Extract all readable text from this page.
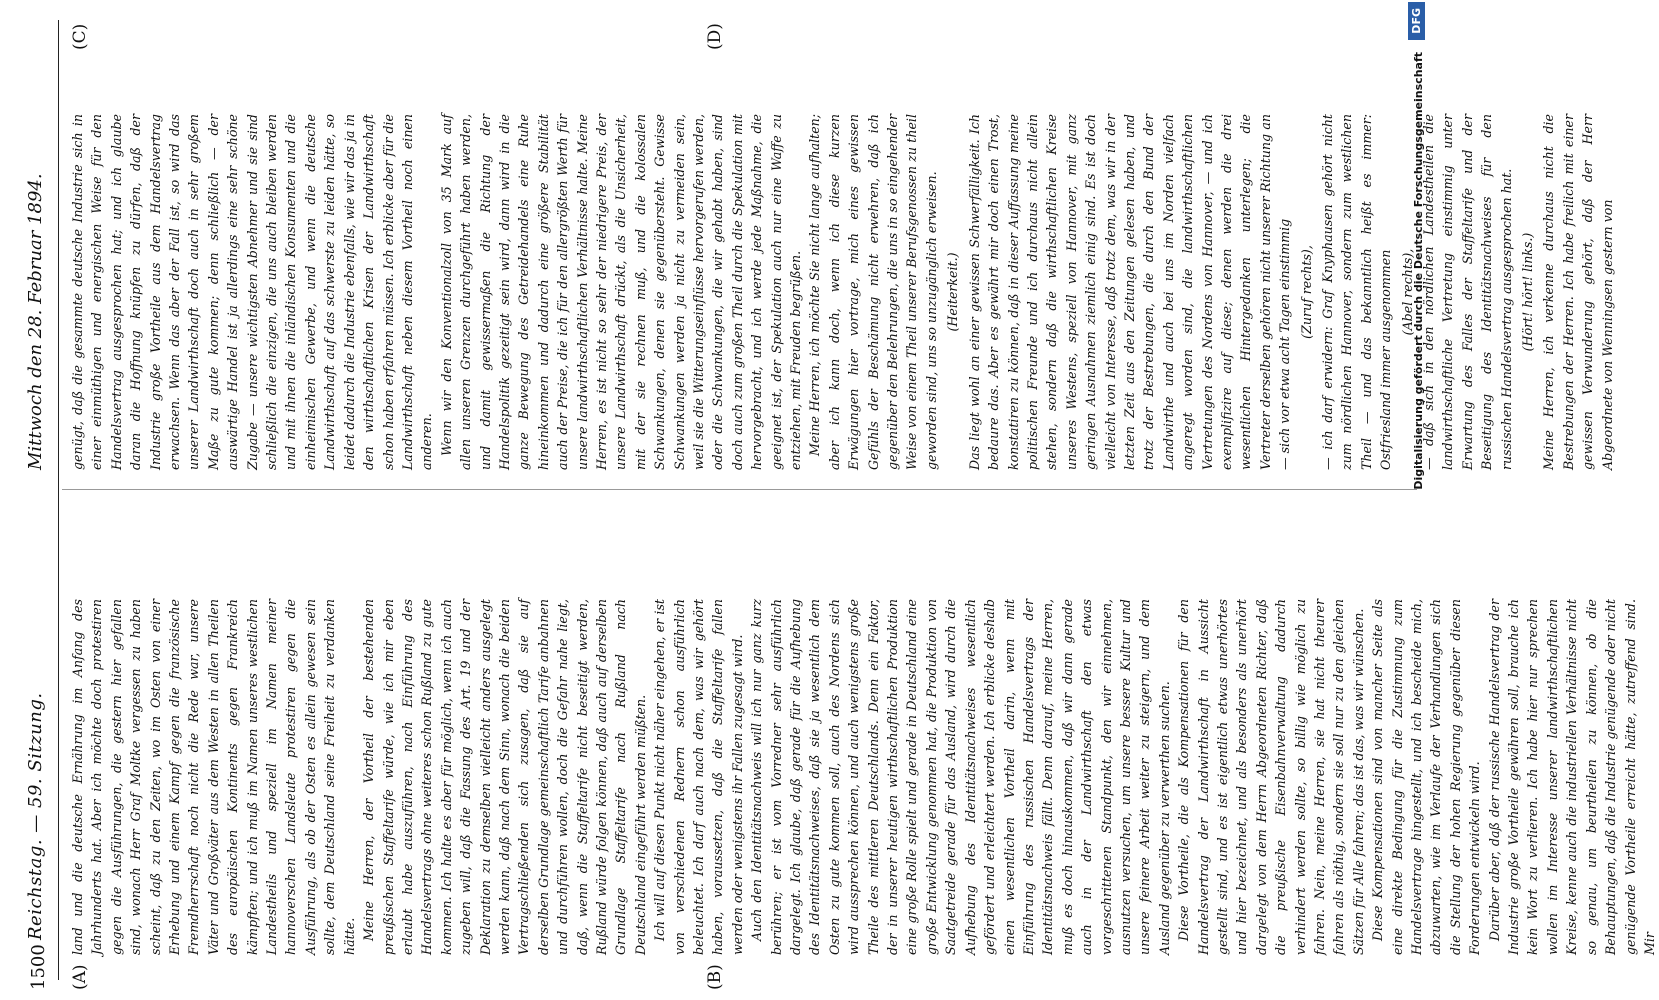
1500
Reichstag. — 59. Sitzung.
Mittwoch den 28. Februar 1894.
(A)	(B)
(C)	(D)

land und die deutsche Ernährung im Anfang des Jahrhunderts hat. Aber ich möchte doch protestiren gegen die Ausführungen, die gestern hier gefallen sind, wonach Herr Graf Moltke vergessen zu haben scheint, daß zu den Zeiten, wo im Osten von einer Erhebung und einem Kampf gegen die französische Fremdherrschaft noch nicht die Rede war, unsere Väter und Großväter aus dem Westen in allen Theilen des europäischen Kontinents gegen Frankreich kämpften; und ich muß im Namen unseres westlichen Landestheils und speziell im Namen meiner hannoverschen Landsleute protestiren gegen die Ausführung, als ob der Osten es allein gewesen sein sollte, dem Deutschland seine Freiheit zu verdanken hätte. Meine Herren, der Vortheil der bestehenden preußischen Staffeltarife würde, wie ich mir eben erlaubt habe auszuführen, nach Einführung des Handelsvertrags ohne weiteres schon Rußland zu gute kommen. Ich halte es aber für möglich, wenn ich auch zugeben will, daß die Fassung des Art. 19 und der Deklaration zu demselben vielleicht anders ausgelegt werden kann, daß nach dem Sinn, wonach die beiden Vertragschließenden sich zusagen, daß sie auf derselben Grundlage gemeinschaftlich Tarife anbahnen und durchführen wollen, doch die Gefahr nahe liegt, daß, wenn die Staffeltarife nicht beseitigt werden, Rußland würde folgen können, daß auch auf derselben Grundlage Staffeltarife nach Rußland nach Deutschland eingeführt werden müßten. Ich will auf diesen Punkt nicht näher eingehen, er ist von verschiedenen Rednern schon ausführlich beleuchtet. Ich darf auch nach dem, was wir gehört haben, voraussetzen, daß die Staffeltarife fallen werden oder wenigstens ihr Fallen zugesagt wird. Auch den Identitätsnachweis will ich nur ganz kurz berühren; er ist vom Vorredner sehr ausführlich dargelegt. Ich glaube, daß gerade für die Aufhebung des Identitätsnachweises, daß sie ja wesentlich dem Osten zu gute kommen soll, auch des Nordens sich wird aussprechen können, und auch wenigstens große Theile des mittleren Deutschlands. Denn ein Faktor, der in unserer heutigen wirthschaftlichen Produktion eine große Rolle spielt und gerade in Deutschland eine große Entwicklung genommen hat, die Produktion von Saatgetreide gerade für das Ausland, wird durch die Aufhebung des Identitätsnachweises wesentlich gefördert und erleichtert werden. Ich erblicke deshalb einen wesentlichen Vortheil darin, wenn mit Einführung des russischen Handelsvertrags der Identitätsnachweis fällt. Denn darauf, meine Herren, muß es doch hinauskommen, daß wir dann gerade auch in der Landwirthschaft den etwas vorgeschrittenen Standpunkt, den wir einnehmen, ausnutzen versuchen, um unsere bessere Kultur und unsere feinere Arbeit weiter zu steigern, und dem Ausland gegenüber zu verwerthen suchen. Diese Vortheile, die als Kompensationen für den Handelsvertrag der Landwirthschaft in Aussicht gestellt sind, und es ist eigentlich etwas unerhörtes und hier bezeichnet, und als besonders als unerhört dargelegt von dem Herrn Abgeordneten Richter, daß die preußische Eisenbahnverwaltung dadurch verhindert werden sollte, so billig wie möglich zu fahren. Nein, meine Herren, sie hat nicht theurer fahren als nöthig, sondern sie soll nur zu den gleichen Sätzen für Alle fahren; das ist das, was wir wünschen. Diese Kompensationen sind von mancher Seite als eine direkte Bedingung für die Zustimmung zum Handelsvertrage hingestellt, und ich bescheide mich, abzuwarten, wie im Verlaufe der Verhandlungen sich die Stellung der hohen Regierung gegenüber diesen Forderungen entwickeln wird. Darüber aber, daß der russische Handelsvertrag der Industrie große Vortheile gewähren soll, brauche ich kein Wort zu verlieren. Ich habe hier nur sprechen wollen im Interesse unserer landwirthschaftlichen Kreise, kenne auch die industriellen Verhältnisse nicht so genau, um beurtheilen zu können, ob die Behauptungen, daß die Industrie genügende oder nicht genügende Vortheile erreicht hätte, zutreffend sind. Mir

genügt, daß die gesammte deutsche Industrie sich in einer einmüthigen und energischen Weise für den Handelsvertrag ausgesprochen hat; und ich glaube daran die Hoffnung knüpfen zu dürfen, daß der Industrie große Vortheile aus dem Handelsvertrag erwachsen. Wenn das aber der Fall ist, so wird das unserer Landwirthschaft doch auch in sehr großem Maße zu gute kommen; denn schließlich — der auswärtige Handel ist ja allerdings eine sehr schöne Zugabe — unsere wichtigsten Abnehmer und sie sind schließlich die einzigen, die uns auch bleiben werden und mit ihnen die inländischen Konsumenten und die einheimischen Gewerbe, und wenn die deutsche Landwirthschaft auf das schwerste zu leiden hätte, so leidet dadurch die Industrie ebenfalls, wie wir das ja in den wirthschaftlichen Krisen der Landwirthschaft schon haben erfahren müssen. Ich erblicke aber für die Landwirthschaft neben diesem Vortheil noch einen anderen. Wenn wir den Konventionalzoll von 35 Mark auf allen unseren Grenzen durchgeführt haben werden, und damit gewissermaßen die Richtung der Handelspolitik gezeitigt sein wird, dann wird in die ganze Bewegung des Getreidehandels eine Ruhe hineinkommen und dadurch eine größere Stabilität auch der Preise, die ich für den allergrößten Werth für unsere landwirthschaftlichen Verhältnisse halte. Meine Herren, es ist nicht so sehr der niedrigere Preis, der unsere Landwirthschaft drückt, als die Unsicherheit, mit der sie rechnen muß, und die kolossalen Schwankungen, denen sie gegenübersteht. Gewisse Schwankungen werden ja nicht zu vermeiden sein, weil sie die Witterungseinflüsse hervorgerufen werden, oder die Schwankungen, die wir gehabt haben, sind doch auch zum großen Theil durch die Spekulation mit hervorgebracht, und ich werde jede Maßnahme, die geeignet ist, der Spekulation auch nur eine Waffe zu entziehen, mit Freuden begrüßen. Meine Herren, ich möchte Sie nicht lange aufhalten; aber ich kann doch, wenn ich diese kurzen Erwägungen hier vortrage, mich eines gewissen Gefühls der Beschämung nicht erwehren, daß ich gegenüber den Belehrungen, die uns in so eingehender Weise von einem Theil unserer Berufsgenossen zu theil geworden sind, uns so unzugänglich erweisen. (Heiterkeit.) Das liegt wohl an einer gewissen Schwerfälligkeit. Ich bedaure das. Aber es gewährt mir doch einen Trost, konstatiren zu können, daß in dieser Auffassung meine politischen Freunde und ich durchaus nicht allein stehen, sondern daß die wirthschaftlichen Kreise unseres Westens, speziell von Hannover, mit ganz geringen Ausnahmen ziemlich einig sind. Es ist doch vielleicht von Interesse, daß trotz dem, was wir in der letzten Zeit aus den Zeitungen gelesen haben, und trotz der Bestrebungen, die durch den Bund der Landwirthe und auch bei uns im Norden vielfach angeregt worden sind, die landwirthschaftlichen Vertretungen des Nordens von Hannover, — und ich exemplifizire auf diese; denen werden die drei wesentlichen Hintergedanken unterlegen; die Vertreter derselben gehören nicht unserer Richtung an — sich vor etwa acht Tagen einstimmig (Zuruf rechts), — ich darf erwidern: Graf Knyphausen gehört nicht zum nördlichen Hannover, sondern zum westlichen Theil — und das bekanntlich heißt es immer: Ostfriesland immer ausgenommen (Abel rechts), — daß sich in den nördlichen Landestheilen die landwirthschaftliche Vertretung einstimmig unter Erwartung des Falles der Staffeltarife und der Beseitigung des Identitätsnachweises für den russischen Handelsvertrag ausgesprochen hat. (Hört! hört! links.) Meine Herren, ich verkenne durchaus nicht die Bestrebungen der Herren. Ich habe freilich mit einer gewissen Verwunderung gehört, daß der Herr Abgeordnete von Wenningsen gestern von

Digitalisierung gefördert durch die Deutsche Forschungsgemeinschaft
DFG
